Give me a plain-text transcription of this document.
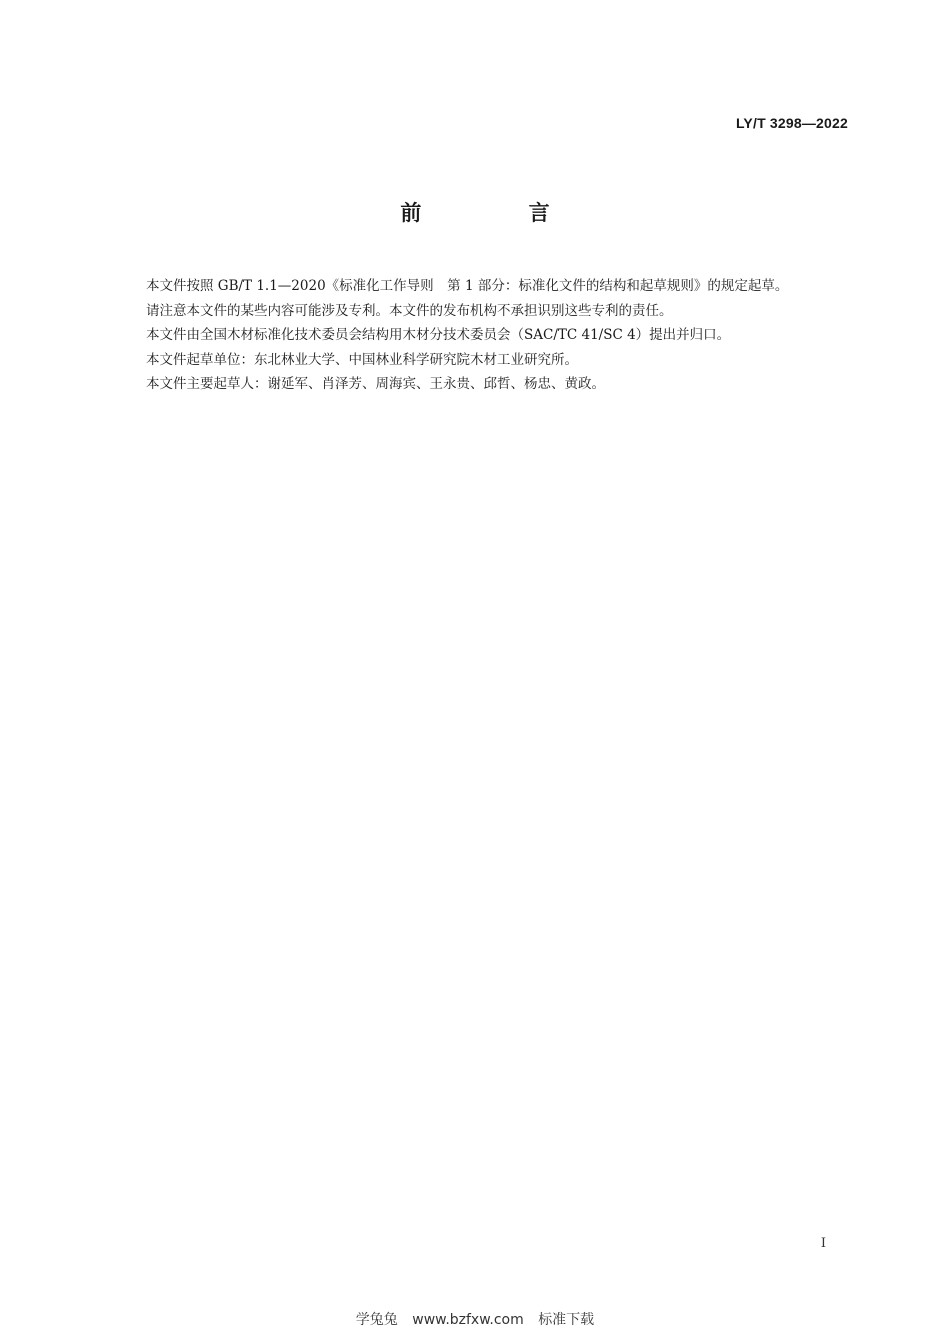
LY/T 3298—2022
前 言

本文件按照 GB/T 1.1—2020《标准化工作导则　第 1 部分：标准化文件的结构和起草规则》的规定起草。

请注意本文件的某些内容可能涉及专利。本文件的发布机构不承担识别这些专利的责任。

本文件由全国木材标准化技术委员会结构用木材分技术委员会（SAC/TC 41/SC 4）提出并归口。

本文件起草单位：东北林业大学、中国林业科学研究院木材工业研究所。

本文件主要起草人：谢延军、肖泽芳、周海宾、王永贵、邱哲、杨忠、黄政。

I
学兔兔 www.bzfxw.com 标准下载
